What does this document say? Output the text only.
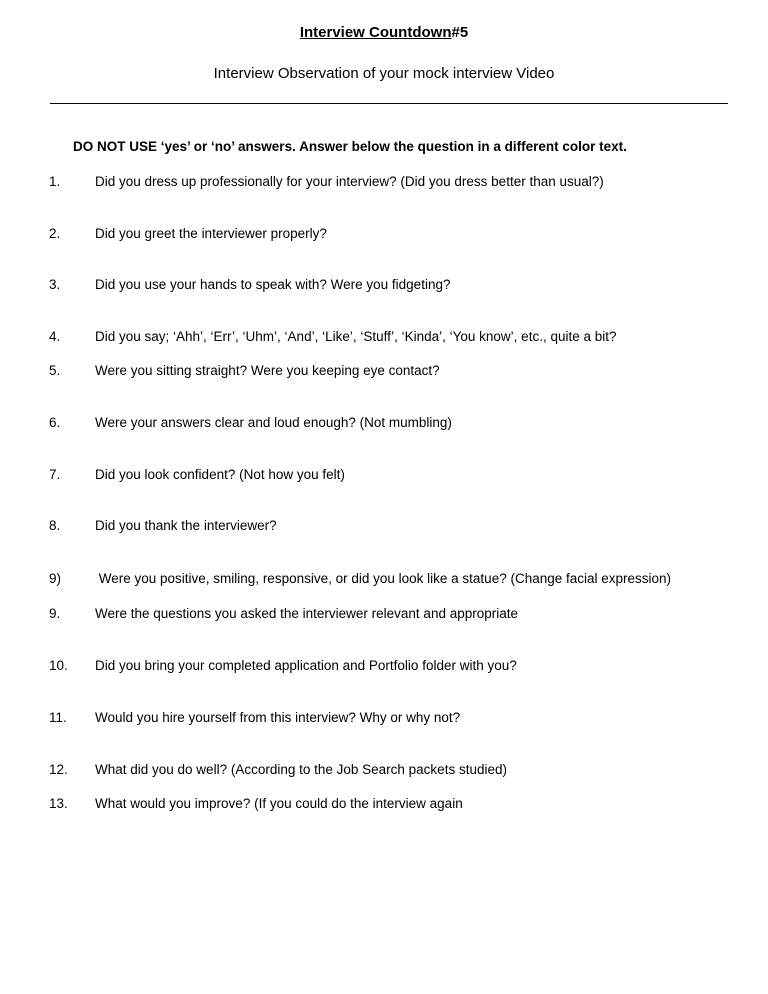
Interview Countdown#5
Interview Observation of your mock interview Video
DO NOT USE ‘yes’ or ‘no’ answers. Answer below the question in a different color text.
1.	Did you dress up professionally for your interview? (Did you dress better than usual?)
2.	Did you greet the interviewer properly?
3.	Did you use your hands to speak with? Were you fidgeting?
4.	Did you say; ‘Ahh’, ‘Err’, ‘Uhm’, ‘And’, ‘Like’, ‘Stuff’, ‘Kinda’, ‘You know’, etc., quite a bit?
5.	Were you sitting straight? Were you keeping eye contact?
6.	Were your answers clear and loud enough? (Not mumbling)
7.	Did you look confident? (Not how you felt)
8.	Did you thank the interviewer?
9)	Were you positive, smiling, responsive, or did you look like a statue? (Change facial expression)
9.	Were the questions you asked the interviewer relevant and appropriate
10. Did you bring your completed application and Portfolio folder with you?
11. Would you hire yourself from this interview? Why or why not?
12. What did you do well? (According to the Job Search packets studied)
13. What would you improve? (If you could do the interview again
